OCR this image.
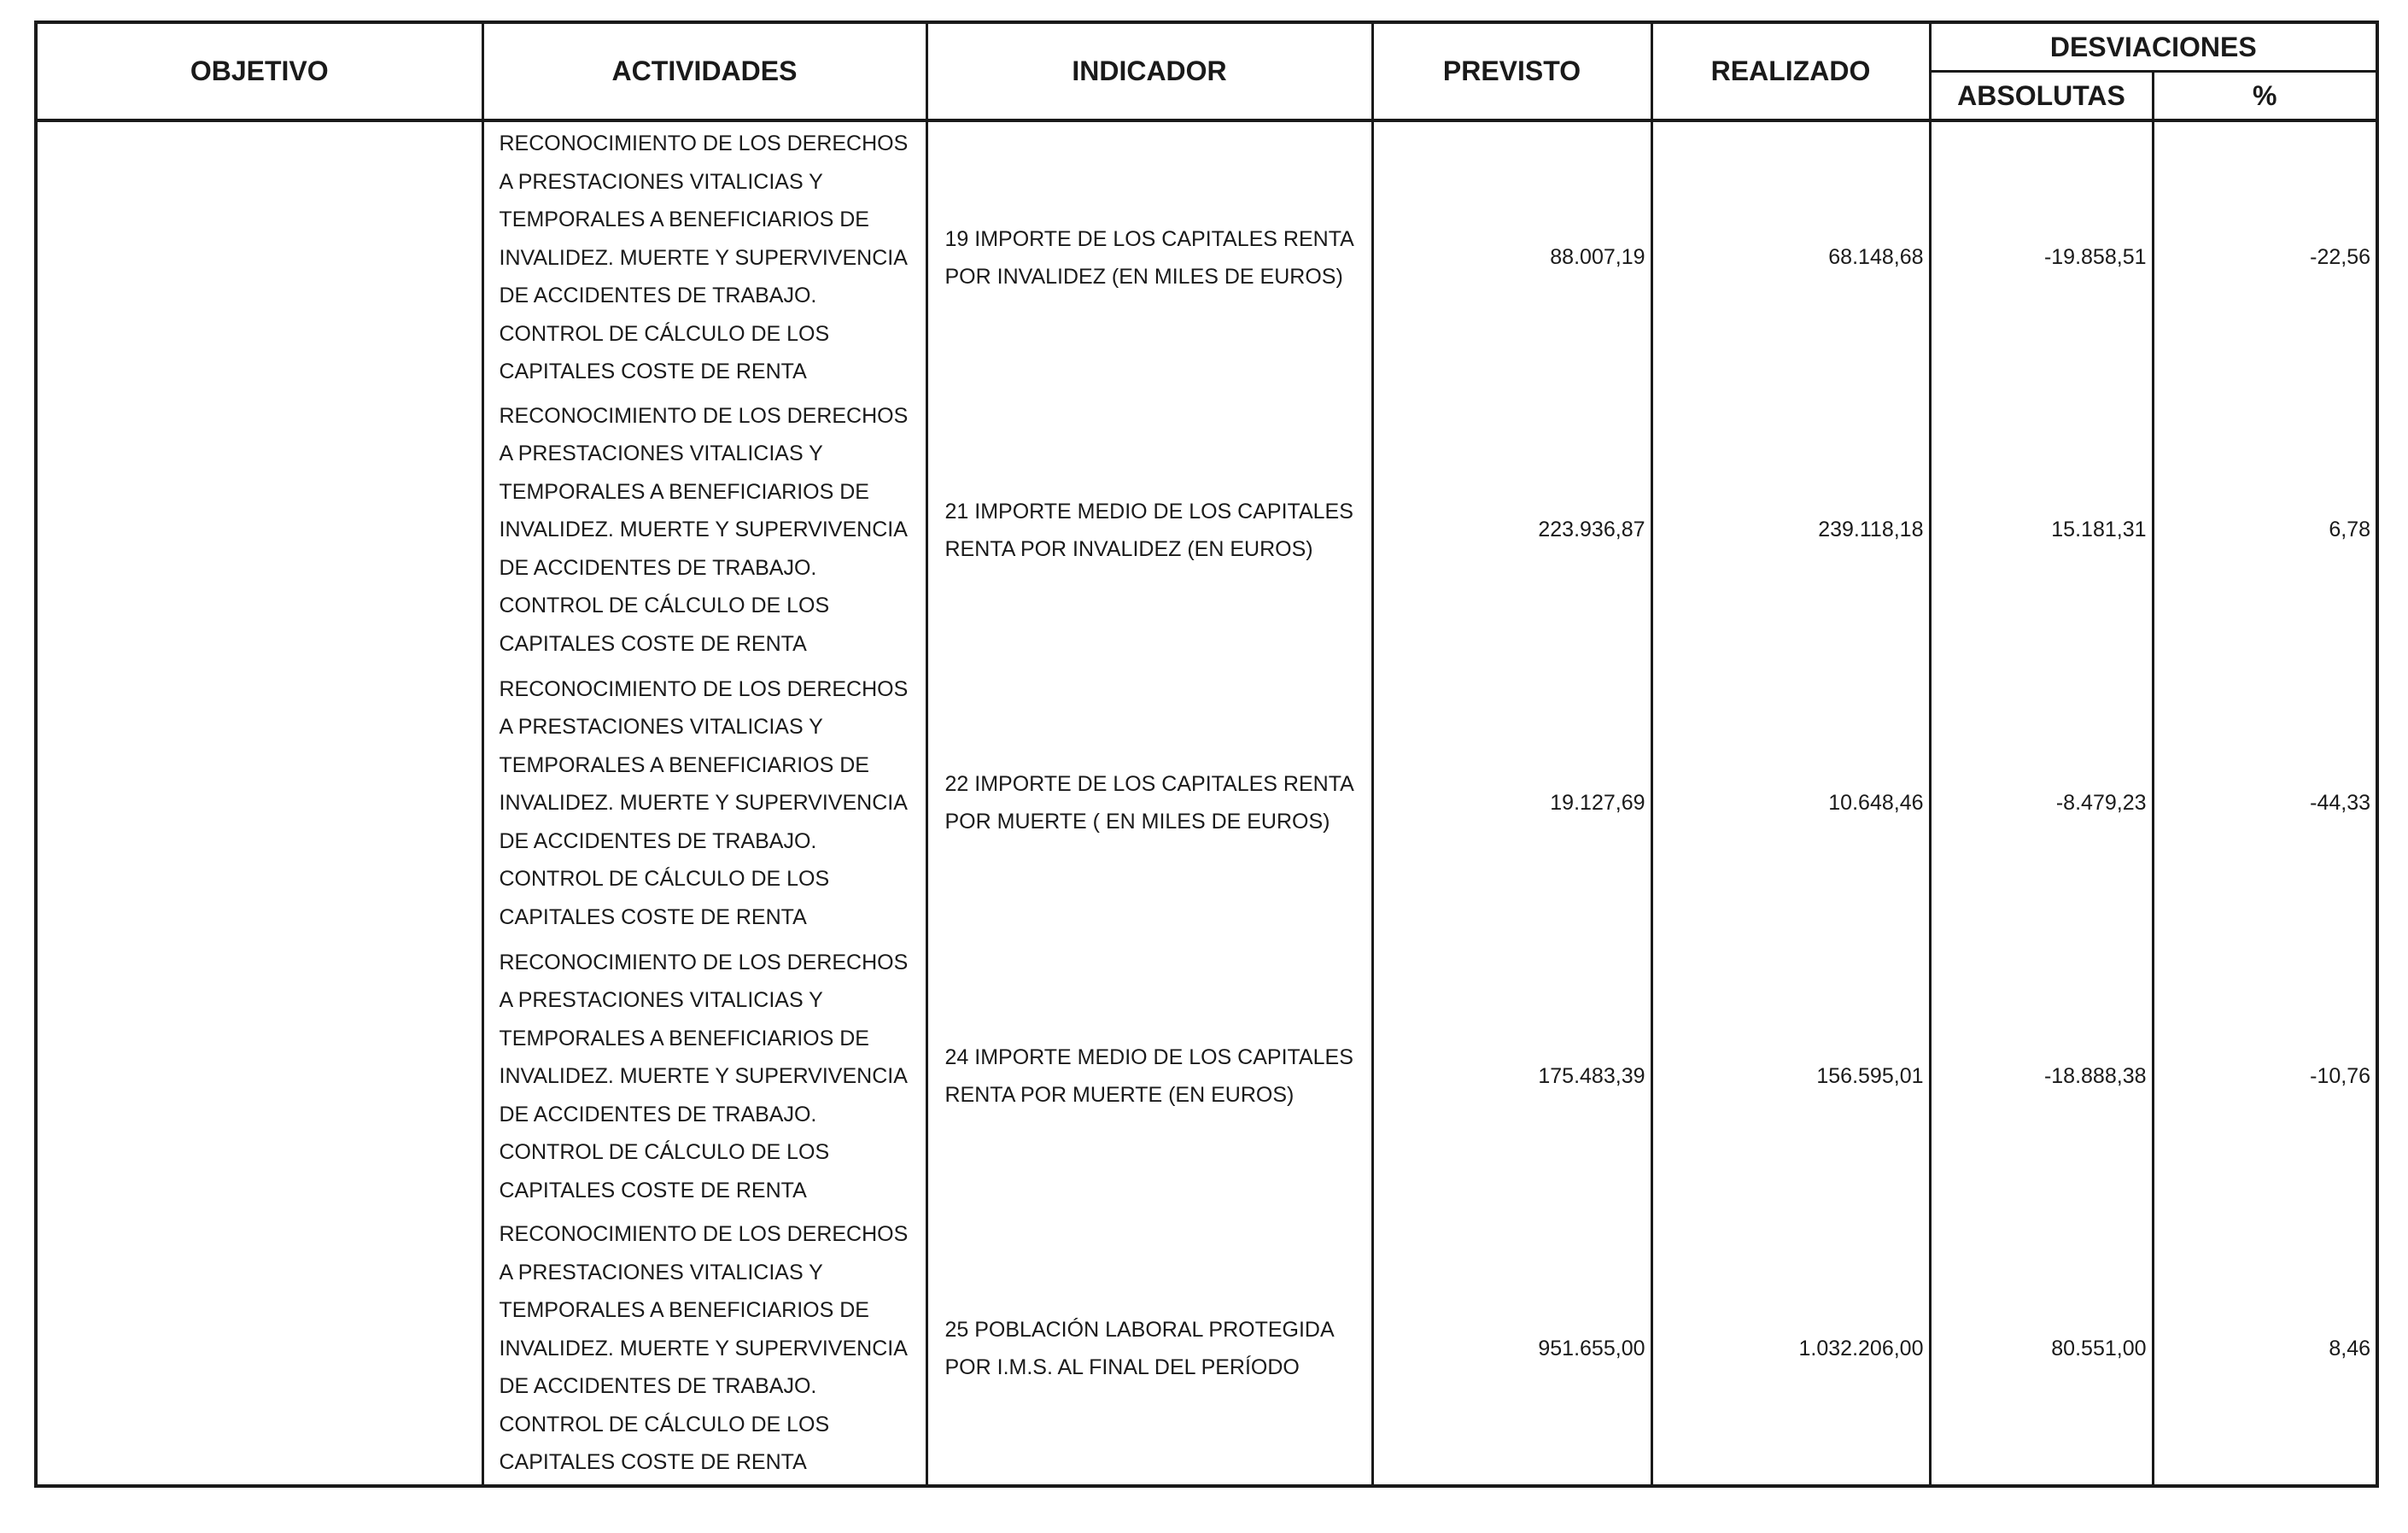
OBJETIVO	ACTIVIDADES	INDICADOR	PREVISTO	REALIZADO	DESVIACIONES	
					ABSOLUTAS	%
	RECONOCIMIENTO DE LOS DERECHOS A PRESTACIONES VITALICIAS Y TEMPORALES A BENEFICIARIOS DE INVALIDEZ. MUERTE Y SUPERVIVENCIA DE ACCIDENTES DE TRABAJO. CONTROL DE CÁLCULO DE LOS CAPITALES COSTE DE RENTA	19 IMPORTE DE LOS CAPITALES RENTA POR INVALIDEZ (EN MILES DE EUROS)	88.007,19	68.148,68	-19.858,51	-22,56
	RECONOCIMIENTO DE LOS DERECHOS A PRESTACIONES VITALICIAS Y TEMPORALES A BENEFICIARIOS DE INVALIDEZ. MUERTE Y SUPERVIVENCIA DE ACCIDENTES DE TRABAJO. CONTROL DE CÁLCULO DE LOS CAPITALES COSTE DE RENTA	21 IMPORTE MEDIO DE LOS CAPITALES RENTA POR INVALIDEZ (EN EUROS)	223.936,87	239.118,18	15.181,31	6,78
	RECONOCIMIENTO DE LOS DERECHOS A PRESTACIONES VITALICIAS Y TEMPORALES A BENEFICIARIOS DE INVALIDEZ. MUERTE Y SUPERVIVENCIA DE ACCIDENTES DE TRABAJO. CONTROL DE CÁLCULO DE LOS CAPITALES COSTE DE RENTA	22 IMPORTE DE LOS CAPITALES RENTA POR MUERTE ( EN MILES DE EUROS)	19.127,69	10.648,46	-8.479,23	-44,33
	RECONOCIMIENTO DE LOS DERECHOS A PRESTACIONES VITALICIAS Y TEMPORALES A BENEFICIARIOS DE INVALIDEZ. MUERTE Y SUPERVIVENCIA DE ACCIDENTES DE TRABAJO. CONTROL DE CÁLCULO DE LOS CAPITALES COSTE DE RENTA	24 IMPORTE MEDIO DE LOS CAPITALES RENTA POR MUERTE (EN EUROS)	175.483,39	156.595,01	-18.888,38	-10,76
	RECONOCIMIENTO DE LOS DERECHOS A PRESTACIONES VITALICIAS Y TEMPORALES A BENEFICIARIOS DE INVALIDEZ. MUERTE Y SUPERVIVENCIA DE ACCIDENTES DE TRABAJO. CONTROL DE CÁLCULO DE LOS CAPITALES COSTE DE RENTA	25 POBLACIÓN LABORAL PROTEGIDA POR I.M.S. AL FINAL DEL PERÍODO	951.655,00	1.032.206,00	80.551,00	8,46
